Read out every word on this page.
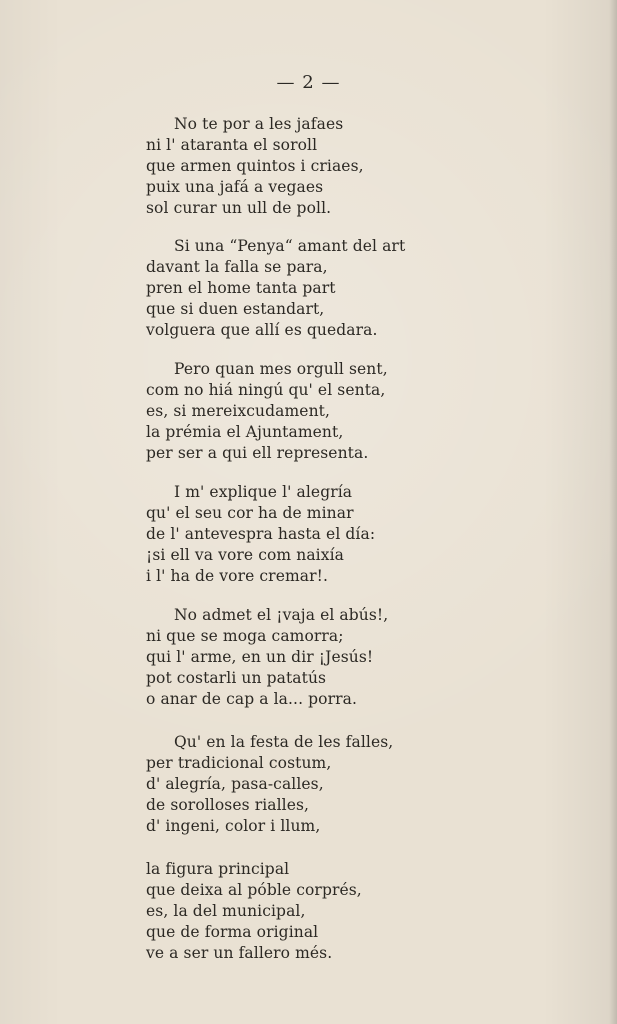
— 2 —
No te por a les jafaes
ni l' ataranta el soroll
que armen quintos i criaes,
puix una jafá a vegaes
sol curar un ull de poll.
Si una “Penya“ amant del art
davant la falla se para,
pren el home tanta part
que si duen estandart,
volguera que allí es quedara.
Pero quan mes orgull sent,
com no hiá ningú qu' el senta,
es, si mereixcudament,
la prémia el Ajuntament,
per ser a qui ell representa.
I m' explique l' alegría
qu' el seu cor ha de minar
de l' antevespra hasta el día:
¡si ell va vore com naixía
i l' ha de vore cremar!.
No admet el ¡vaja el abús!,
ni que se moga camorra;
qui l' arme, en un dir ¡Jesús!
pot costarli un patatús
o anar de cap a la... porra.
Qu' en la festa de les falles,
per tradicional costum,
d' alegría, pasa-calles,
de sorolloses rialles,
d' ingeni, color i llum,
la figura principal
que deixa al póble corprés,
es, la del municipal,
que de forma original
ve a ser un fallero més.
